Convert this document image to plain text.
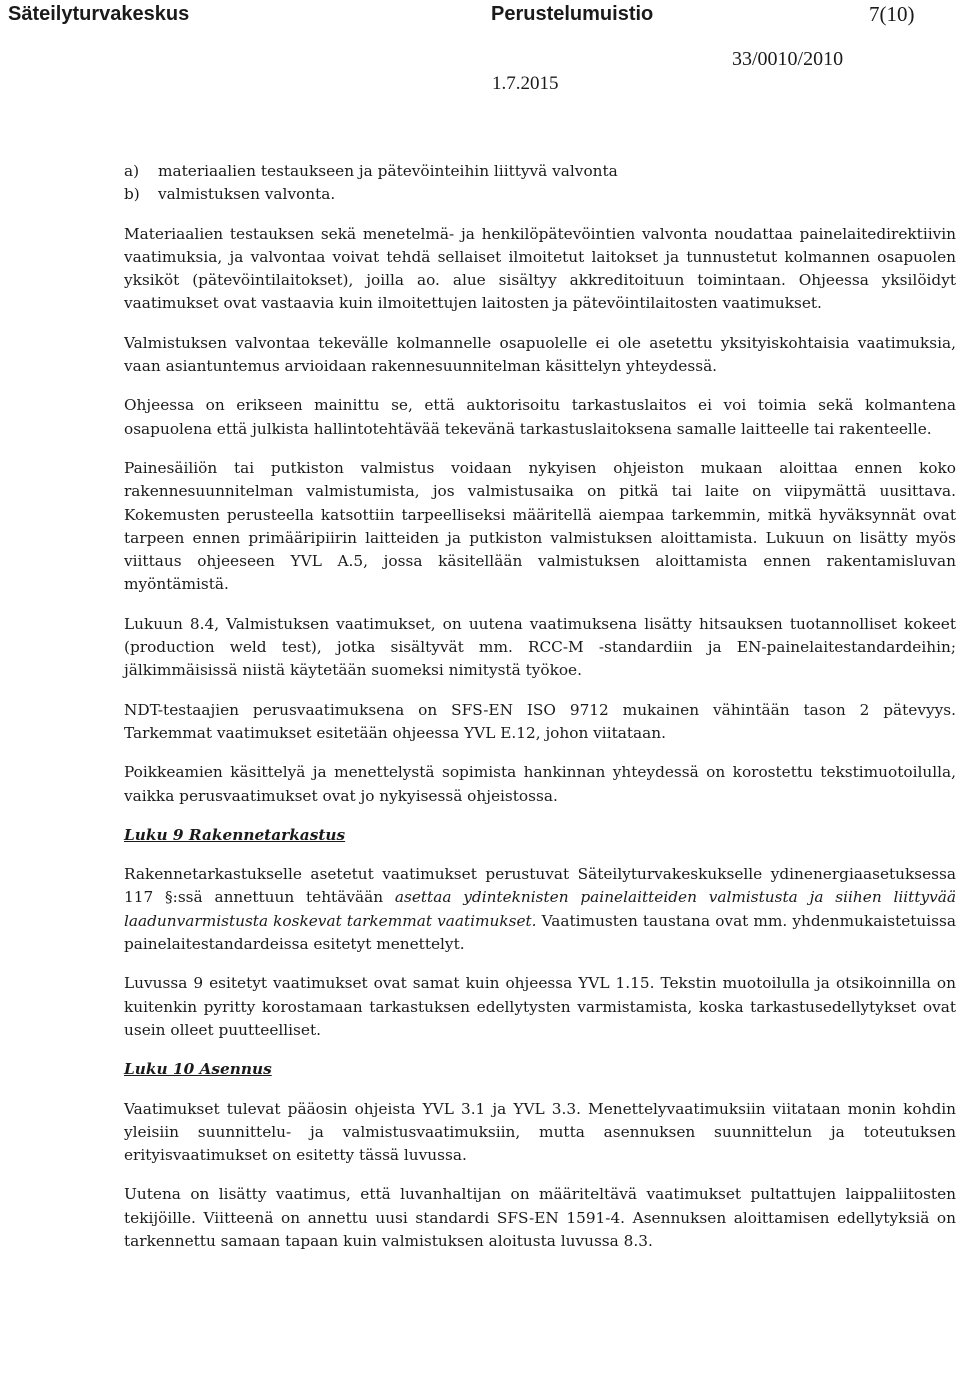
Säteilyturvakeskus	Perustelumuistio	7(10)
33/0010/2010
1.7.2015
a)	materiaalien testaukseen ja pätevöinteihin liittyvä valvonta
b)	valmistuksen valvonta.

Materiaalien testauksen sekä menetelmä- ja henkilöpätevöintien valvonta noudattaa painelaitedirektiivin vaatimuksia, ja valvontaa voivat tehdä sellaiset ilmoitetut laitokset ja tunnustetut kolmannen osapuolen yksiköt (pätevöintilaitokset), joilla ao. alue sisältyy akkreditoituun toimintaan. Ohjeessa yksilöidyt vaatimukset ovat vastaavia kuin ilmoitettujen laitosten ja pätevöintilaitosten vaatimukset.

Valmistuksen valvontaa tekevälle kolmannelle osapuolelle ei ole asetettu yksityiskohtaisia vaatimuksia, vaan asiantuntemus arvioidaan rakennesuunnitelman käsittelyn yhteydessä.

Ohjeessa on erikseen mainittu se, että auktorisoitu tarkastuslaitos ei voi toimia sekä kolmantena osapuolena että julkista hallintotehtävää tekevänä tarkastuslaitoksena samalle laitteelle tai rakenteelle.

Painesäiliön tai putkiston valmistus voidaan nykyisen ohjeiston mukaan aloittaa ennen koko rakennesuunnitelman valmistumista, jos valmistusaika on pitkä tai laite on viipymättä uusittava. Kokemusten perusteella katsottiin tarpeelliseksi määritellä aiempaa tarkemmin, mitkä hyväksynnät ovat tarpeen ennen primääripiirin laitteiden ja putkiston valmistuksen aloittamista. Lukuun on lisätty myös viittaus ohjeeseen YVL A.5, jossa käsitellään valmistuksen aloittamista ennen rakentamisluvan myöntämistä.

Lukuun 8.4, Valmistuksen vaatimukset, on uutena vaatimuksena lisätty hitsauksen tuotannolliset kokeet (production weld test), jotka sisältyvät mm. RCC-M -standardiin ja EN-painelaitestandardeihin; jälkimmäisissä niistä käytetään suomeksi nimitystä työkoe.

NDT-testaajien perusvaatimuksena on SFS-EN ISO 9712 mukainen vähintään tason 2 pätevyys. Tarkemmat vaatimukset esitetään ohjeessa YVL E.12, johon viitataan.

Poikkeamien käsittelyä ja menettelystä sopimista hankinnan yhteydessä on korostettu tekstimuotoilulla, vaikka perusvaatimukset ovat jo nykyisessä ohjeistossa.

Luku 9 Rakennetarkastus

Rakennetarkastukselle asetetut vaatimukset perustuvat Säteilyturvakeskukselle ydinenergiaasetuksessa 117 §:ssä annettuun tehtävään asettaa ydinteknisten painelaitteiden valmistusta ja siihen liittyvää laadunvarmistusta koskevat tarkemmat vaatimukset. Vaatimusten taustana ovat mm. yhdenmukaistetuissa painelaitestandardeissa esitetyt menettelyt.

Luvussa 9 esitetyt vaatimukset ovat samat kuin ohjeessa YVL 1.15. Tekstin muotoilulla ja otsikoinnilla on kuitenkin pyritty korostamaan tarkastuksen edellytysten varmistamista, koska tarkastusedellytykset ovat usein olleet puutteelliset.

Luku 10 Asennus

Vaatimukset tulevat pääosin ohjeista YVL 3.1 ja YVL 3.3. Menettelyvaatimuksiin viitataan monin kohdin yleisiin suunnittelu- ja valmistusvaatimuksiin, mutta asennuksen suunnittelun ja toteutuksen erityisvaatimukset on esitetty tässä luvussa.

Uutena on lisätty vaatimus, että luvanhaltijan on määriteltävä vaatimukset pultattujen laippaliitosten tekijöille. Viitteenä on annettu uusi standardi SFS-EN 1591-4. Asennuksen aloittamisen edellytyksiä on tarkennettu samaan tapaan kuin valmistuksen aloitusta luvussa 8.3.
